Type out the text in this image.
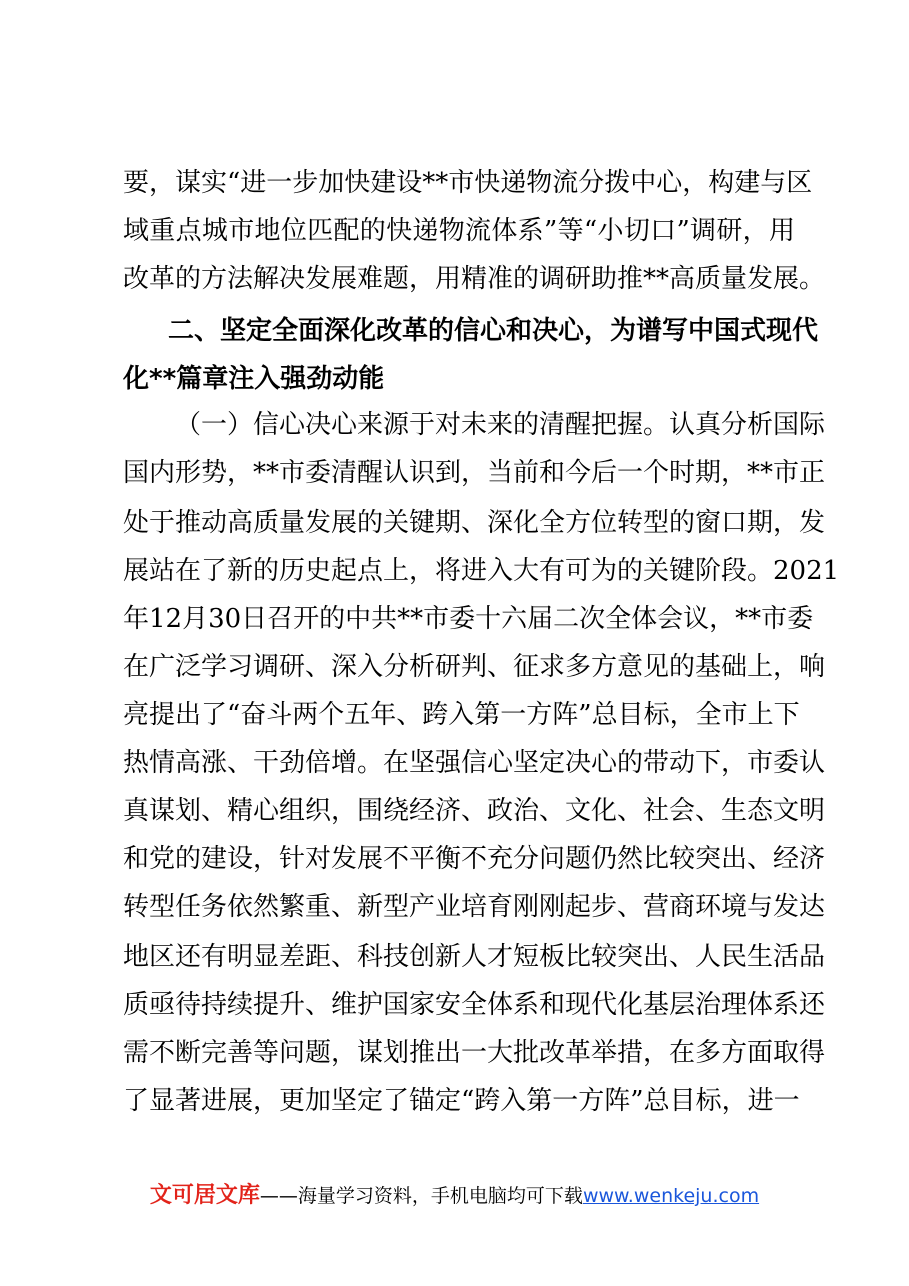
要，谋实“进一步加快建设**市快递物流分拨中心，构建与区
域重点城市地位匹配的快递物流体系”等“小切口”调研，用
改革的方法解决发展难题，用精准的调研助推**高质量发展。
二、坚定全面深化改革的信心和决心，为谱写中国式现代
化**篇章注入强劲动能
（一）信心决心来源于对未来的清醒把握。认真分析国际
国内形势，**市委清醒认识到，当前和今后一个时期，**市正
处于推动高质量发展的关键期、深化全方位转型的窗口期，发
展站在了新的历史起点上，将进入大有可为的关键阶段。2021
年12月30日召开的中共**市委十六届二次全体会议，**市委
在广泛学习调研、深入分析研判、征求多方意见的基础上，响
亮提出了“奋斗两个五年、跨入第一方阵”总目标，全市上下
热情高涨、干劲倍增。在坚强信心坚定决心的带动下，市委认
真谋划、精心组织，围绕经济、政治、文化、社会、生态文明
和党的建设，针对发展不平衡不充分问题仍然比较突出、经济
转型任务依然繁重、新型产业培育刚刚起步、营商环境与发达
地区还有明显差距、科技创新人才短板比较突出、人民生活品
质亟待持续提升、维护国家安全体系和现代化基层治理体系还
需不断完善等问题，谋划推出一大批改革举措，在多方面取得
了显著进展，更加坚定了锚定“跨入第一方阵”总目标，进一
文可居文库——海量学习资料，手机电脑均可下载www.wenkeju.com
